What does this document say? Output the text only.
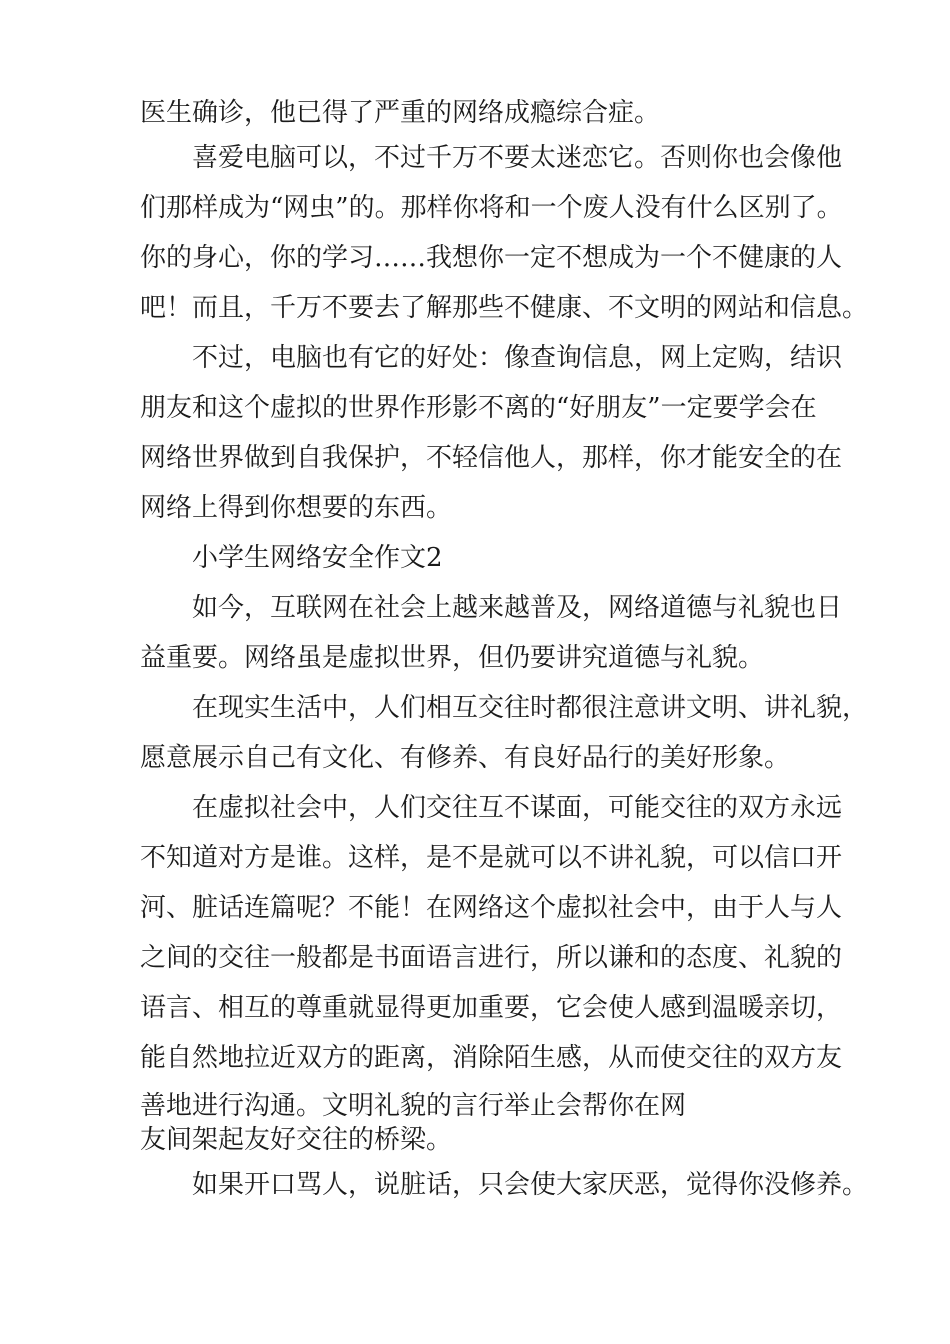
医生确诊，他已得了严重的网络成瘾综合症。
喜爱电脑可以，不过千万不要太迷恋它。否则你也会像他
们那样成为“网虫”的。那样你将和一个废人没有什么区别了。
你的身心，你的学习……我想你一定不想成为一个不健康的人
吧！而且，千万不要去了解那些不健康、不文明的网站和信息。
不过，电脑也有它的好处：像查询信息，网上定购，结识
朋友和这个虚拟的世界作形影不离的“好朋友”一定要学会在
网络世界做到自我保护，不轻信他人，那样，你才能安全的在
网络上得到你想要的东西。
小学生网络安全作文2
如今，互联网在社会上越来越普及，网络道德与礼貌也日
益重要。网络虽是虚拟世界，但仍要讲究道德与礼貌。
在现实生活中，人们相互交往时都很注意讲文明、讲礼貌，
愿意展示自己有文化、有修养、有良好品行的美好形象。
在虚拟社会中，人们交往互不谋面，可能交往的双方永远
不知道对方是谁。这样，是不是就可以不讲礼貌，可以信口开
河、脏话连篇呢？不能！在网络这个虚拟社会中，由于人与人
之间的交往一般都是书面语言进行，所以谦和的态度、礼貌的
语言、相互的尊重就显得更加重要，它会使人感到温暖亲切，
能自然地拉近双方的距离，消除陌生感，从而使交往的双方友
善地进行沟通。文明礼貌的言行举止会帮你在网
友间架起友好交往的桥梁。
如果开口骂人，说脏话，只会使大家厌恶，觉得你没修养。
